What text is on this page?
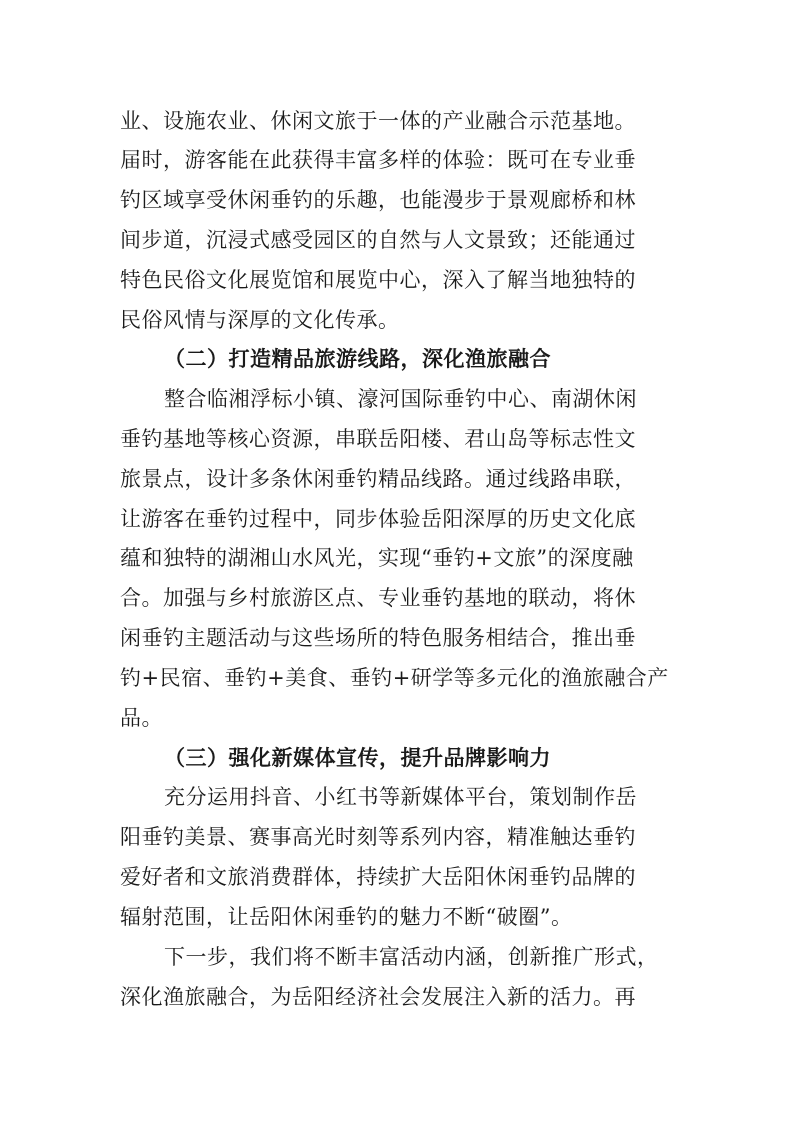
业、设施农业、休闲文旅于一体的产业融合示范基地。
届时，游客能在此获得丰富多样的体验：既可在专业垂
钓区域享受休闲垂钓的乐趣，也能漫步于景观廊桥和林
间步道，沉浸式感受园区的自然与人文景致；还能通过
特色民俗文化展览馆和展览中心，深入了解当地独特的
民俗风情与深厚的文化传承。
（二）打造精品旅游线路，深化渔旅融合
整合临湘浮标小镇、濠河国际垂钓中心、南湖休闲
垂钓基地等核心资源，串联岳阳楼、君山岛等标志性文
旅景点，设计多条休闲垂钓精品线路。通过线路串联，
让游客在垂钓过程中，同步体验岳阳深厚的历史文化底
蕴和独特的湖湘山水风光，实现“垂钓+文旅”的深度融
合。加强与乡村旅游区点、专业垂钓基地的联动，将休
闲垂钓主题活动与这些场所的特色服务相结合，推出垂
钓+民宿、垂钓+美食、垂钓+研学等多元化的渔旅融合产
品。
（三）强化新媒体宣传，提升品牌影响力
充分运用抖音、小红书等新媒体平台，策划制作岳
阳垂钓美景、赛事高光时刻等系列内容，精准触达垂钓
爱好者和文旅消费群体，持续扩大岳阳休闲垂钓品牌的
辐射范围，让岳阳休闲垂钓的魅力不断“破圈”。
下一步，我们将不断丰富活动内涵，创新推广形式，
深化渔旅融合，为岳阳经济社会发展注入新的活力。再
